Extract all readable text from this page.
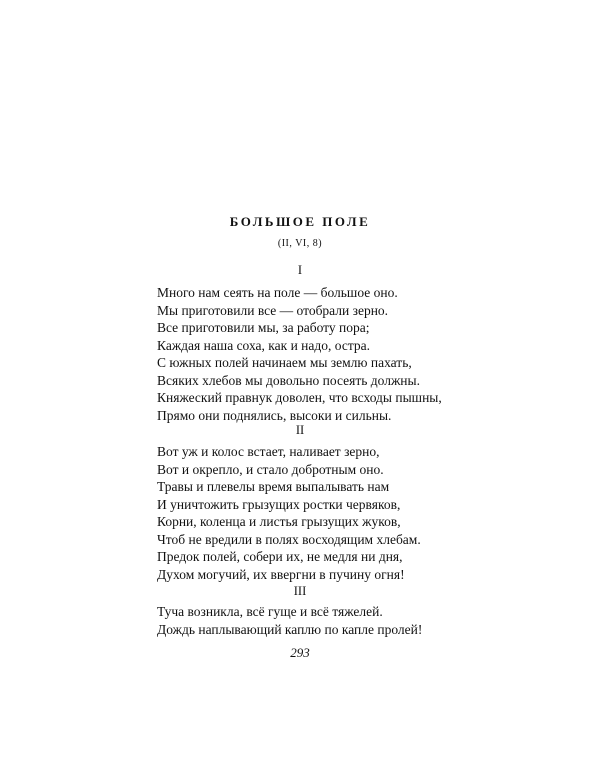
БОЛЬШОЕ ПОЛЕ
(II, VI, 8)
I
Много нам сеять на поле — большое оно.
Мы приготовили все — отобрали зерно.
Все приготовили мы, за работу пора;
Каждая наша соха, как и надо, остра.
С южных полей начинаем мы землю пахать,
Всяких хлебов мы довольно посеять должны.
Княжеский правнук доволен, что всходы пышны,
Прямо они поднялись, высоки и сильны.
II
Вот уж и колос встает, наливает зерно,
Вот и окрепло, и стало добротным оно.
Травы и плевелы время выпалывать нам
И уничтожить грызущих ростки червяков,
Корни, коленца и листья грызущих жуков,
Чтоб не вредили в полях восходящим хлебам.
Предок полей, собери их, не медля ни дня,
Духом могучий, их ввергни в пучину огня!
III
Туча возникла, всё гуще и всё тяжелей.
Дождь наплывающий каплю по капле пролей!
293
